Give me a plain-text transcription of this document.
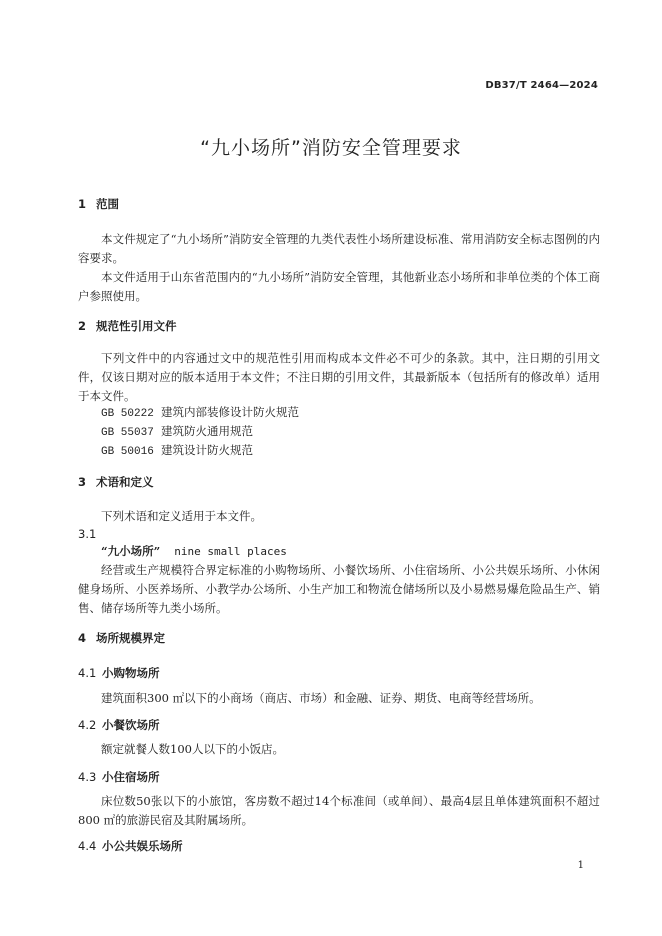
DB37/T 2464—2024
“九小场所”消防安全管理要求
1 范围
本文件规定了“九小场所”消防安全管理的九类代表性小场所建设标准、常用消防安全标志图例的内容要求。
本文件适用于山东省范围内的“九小场所”消防安全管理，其他新业态小场所和非单位类的个体工商户参照使用。
2 规范性引用文件
下列文件中的内容通过文中的规范性引用而构成本文件必不可少的条款。其中，注日期的引用文件，仅该日期对应的版本适用于本文件；不注日期的引用文件，其最新版本（包括所有的修改单）适用于本文件。
GB 50222 建筑内部装修设计防火规范
GB 55037 建筑防火通用规范
GB 50016 建筑设计防火规范
3 术语和定义
下列术语和定义适用于本文件。
3.1
“九小场所” nine small places
经营或生产规模符合界定标准的小购物场所、小餐饮场所、小住宿场所、小公共娱乐场所、小休闲健身场所、小医养场所、小教学办公场所、小生产加工和物流仓储场所以及小易燃易爆危险品生产、销售、储存场所等九类小场所。
4 场所规模界定
4.1 小购物场所
建筑面积300 ㎡以下的小商场（商店、市场）和金融、证券、期货、电商等经营场所。
4.2 小餐饮场所
额定就餐人数100人以下的小饭店。
4.3 小住宿场所
床位数50张以下的小旅馆，客房数不超过14个标准间（或单间）、最高4层且单体建筑面积不超过800 ㎡的旅游民宿及其附属场所。
4.4 小公共娱乐场所
1
